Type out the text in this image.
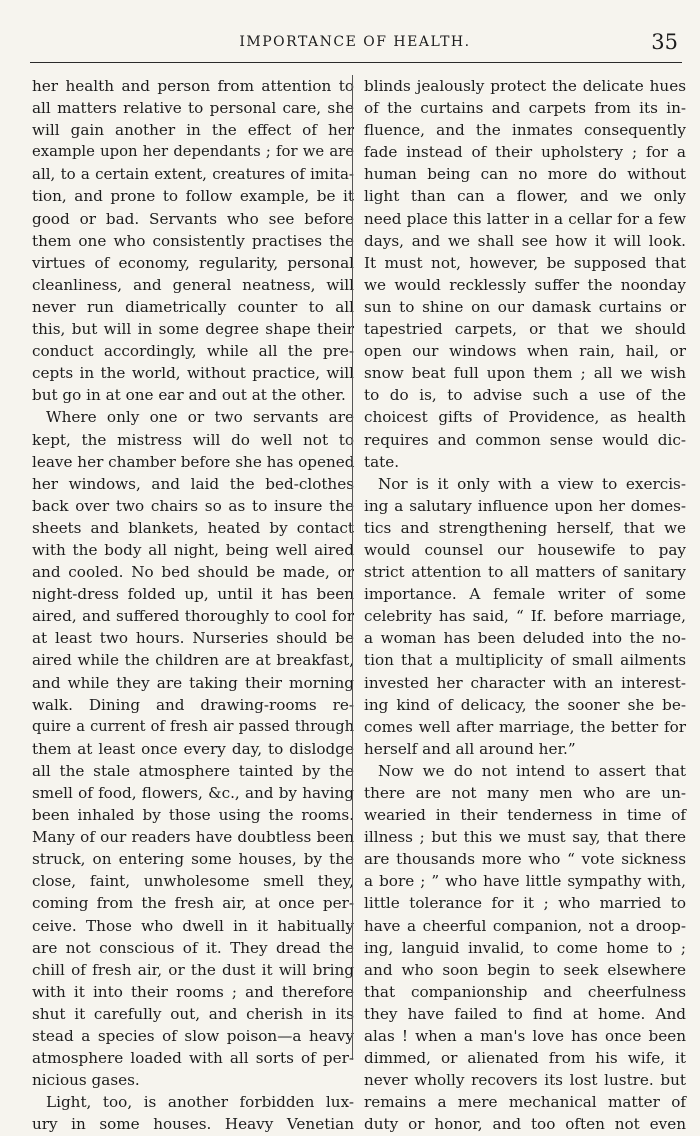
IMPORTANCE OF HEALTH.	35
her health and person from attention to
all matters relative to personal care, she
will gain another in the effect of her
example upon her dependants ; for we are
all, to a certain extent, creatures of imita-
tion, and prone to follow example, be it
good or bad. Servants who see before
them one who consistently practises the
virtues of economy, regularity, personal
cleanliness, and general neatness, will
never run diametrically counter to all
this, but will in some degree shape their
conduct accordingly, while all the pre-
cepts in the world, without practice, will
but go in at one ear and out at the other.
Where only one or two servants are
kept, the mistress will do well not to
leave her chamber before she has opened
her windows, and laid the bed-clothes
back over two chairs so as to insure the
sheets and blankets, heated by contact
with the body all night, being well aired
and cooled. No bed should be made, or
night-dress folded up, until it has been
aired, and suffered thoroughly to cool for
at least two hours. Nurseries should be
aired while the children are at breakfast,
and while they are taking their morning
walk. Dining and drawing-rooms re-
quire a current of fresh air passed through
them at least once every day, to dislodge
all the stale atmosphere tainted by the
smell of food, flowers, &c., and by having
been inhaled by those using the rooms.
Many of our readers have doubtless been
struck, on entering some houses, by the
close, faint, unwholesome smell they,
coming from the fresh air, at once per-
ceive. Those who dwell in it habitually
are not conscious of it. They dread the
chill of fresh air, or the dust it will bring
with it into their rooms ; and therefore
shut it carefully out, and cherish in its
stead a species of slow poison—a heavy
atmosphere loaded with all sorts of per-
nicious gases.
Light, too, is another forbidden lux-
ury in some houses. Heavy Venetian
blinds jealously protect the delicate hues
of the curtains and carpets from its in-
fluence, and the inmates consequently
fade instead of their upholstery ; for a
human being can no more do without
light than can a flower, and we only
need place this latter in a cellar for a few
days, and we shall see how it will look.
It must not, however, be supposed that
we would recklessly suffer the noonday
sun to shine on our damask curtains or
tapestried carpets, or that we should
open our windows when rain, hail, or
snow beat full upon them ; all we wish
to do is, to advise such a use of the
choicest gifts of Providence, as health
requires and common sense would dic-
tate.
Nor is it only with a view to exercis-
ing a salutary influence upon her domes-
tics and strengthening herself, that we
would counsel our housewife to pay
strict attention to all matters of sanitary
importance. A female writer of some
celebrity has said, “ If. before marriage,
a woman has been deluded into the no-
tion that a multiplicity of small ailments
invested her character with an interest-
ing kind of delicacy, the sooner she be-
comes well after marriage, the better for
herself and all around her.”
Now we do not intend to assert that
there are not many men who are un-
wearied in their tenderness in time of
illness ; but this we must say, that there
are thousands more who “ vote sickness
a bore ; ” who have little sympathy with,
little tolerance for it ; who married to
have a cheerful companion, not a droop-
ing, languid invalid, to come home to ;
and who soon begin to seek elsewhere
that companionship and cheerfulness
they have failed to find at home. And
alas ! when a man's love has once been
dimmed, or alienated from his wife, it
never wholly recovers its lost lustre. but
remains a mere mechanical matter of
duty or honor, and too often not even
